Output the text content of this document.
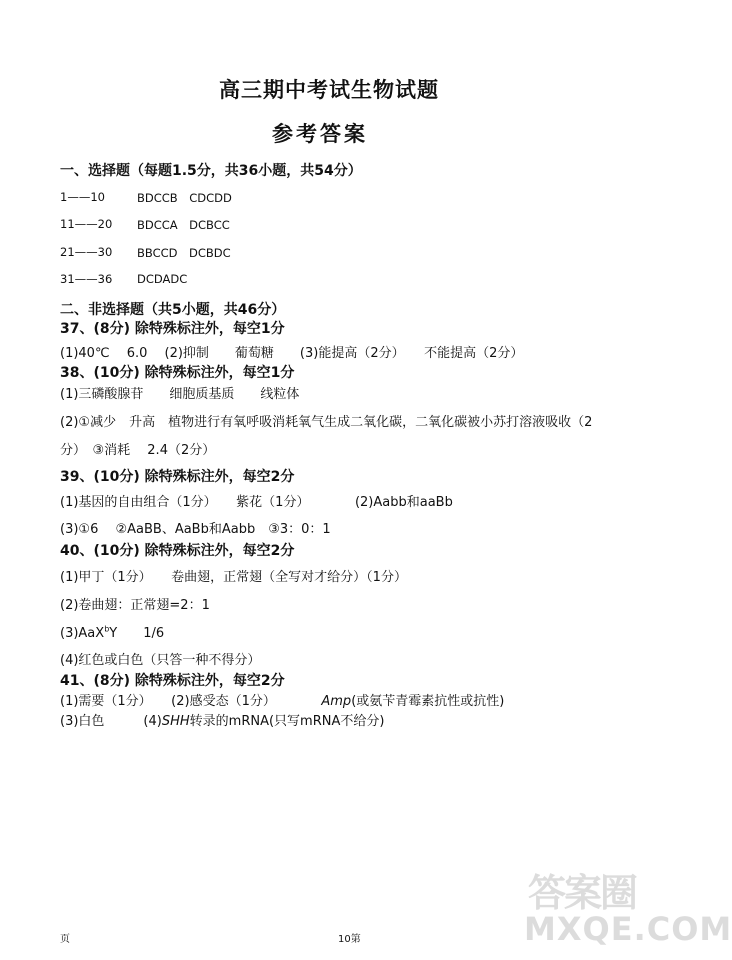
高三期中考试生物试题
参考答案
一、选择题（每题1.5分，共36小题，共54分）
1——10	BDCCB　CDCDD
11——20 BDCCA　DCBCC
21——30 BBCCD　DCBDC
31——36 DCDADC
二、非选择题（共5小题，共46分）
37、(8分) 除特殊标注外，每空1分
(1)40℃　 6.0　 (2)抑制　　葡萄糖　　(3)能提高（2分）　　不能提高（2分）
38、(10分) 除特殊标注外，每空1分
(1)三磷酸腺苷　　细胞质基质　　线粒体
(2)①减少　升高　植物进行有氧呼吸消耗氧气生成二氧化碳，二氧化碳被小苏打溶液吸收（2
分）　③消耗　 2.4（2分）
39、(10分) 除特殊标注外，每空2分
(1)基因的自由组合（1分）　　紫花（1分）　　　　(2)Aabb和aaBb
(3)①6　 ②AaBB、AaBb和Aabb　③3：0：1
40、(10分) 除特殊标注外，每空2分
(1)甲丁（1分）　　卷曲翅，正常翅（全写对才给分）（1分）
(2)卷曲翅：正常翅=2：1
(3)AaX$^b$Y　　1/6
(4)红色或白色（只答一种不得分）
41、(8分) 除特殊标注外，每空2分
(1)需要（1分）　　(2)感受态（1分）　　　　Amp(或氨苄青霉素抗性或抗性)
(3)白色　　　(4)SHH转录的mRNA(只写mRNA不给分)
答案圈
MXQE.COM
页	10第
